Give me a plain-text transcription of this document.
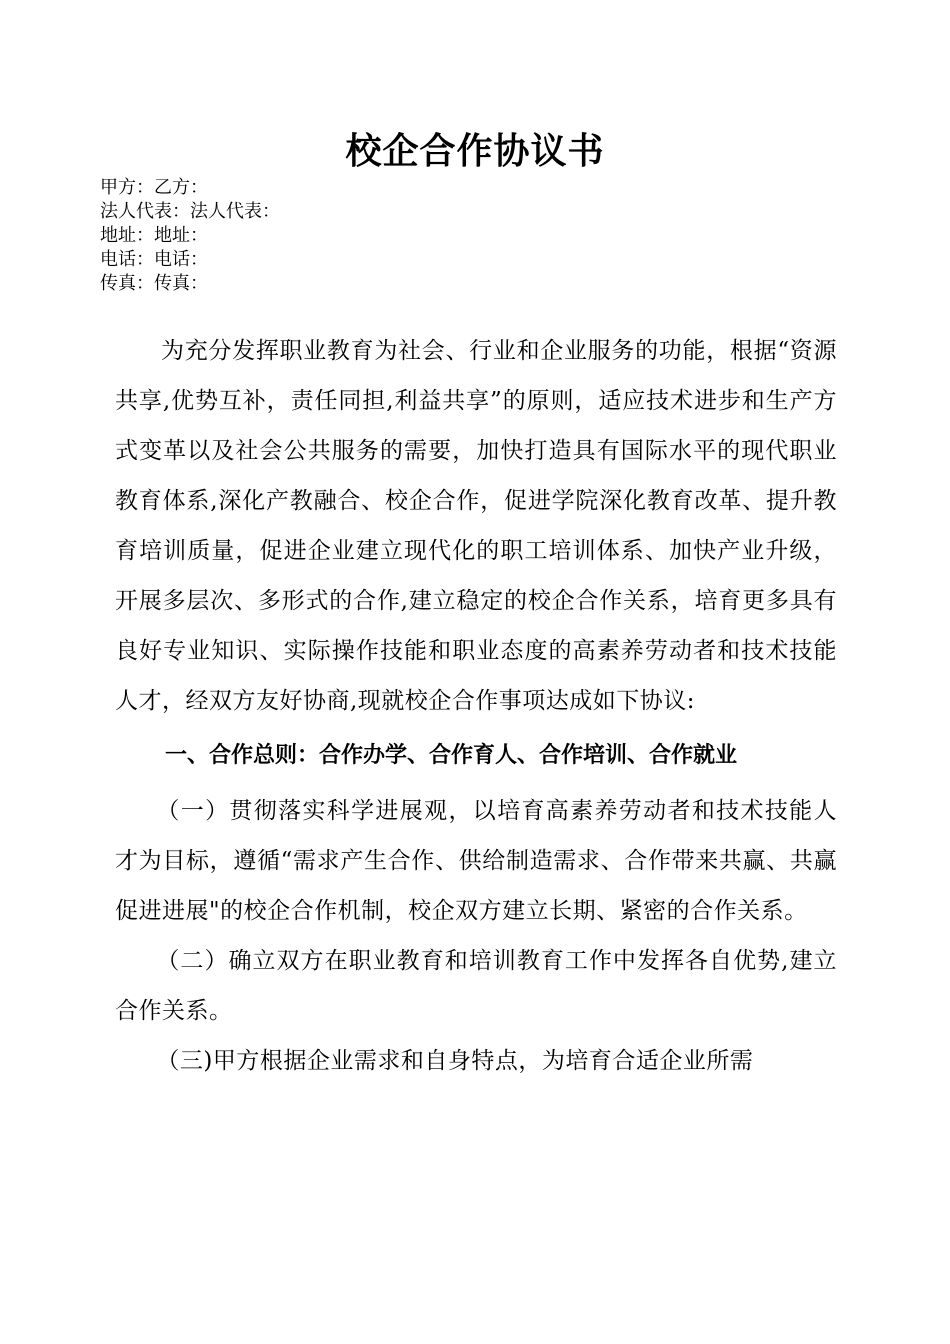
校企合作协议书
甲方：乙方：
法人代表：法人代表：
地址：地址：
电话：电话：
传真：传真：

为充分发挥职业教育为社会、行业和企业服务的功能，根据“资源共享,优势互补，责任同担,利益共享”的原则，适应技术进步和生产方式变革以及社会公共服务的需要，加快打造具有国际水平的现代职业教育体系,深化产教融合、校企合作，促进学院深化教育改革、提升教育培训质量，促进企业建立现代化的职工培训体系、加快产业升级，开展多层次、多形式的合作,建立稳定的校企合作关系，培育更多具有良好专业知识、实际操作技能和职业态度的高素养劳动者和技术技能人才，经双方友好协商,现就校企合作事项达成如下协议:

一、合作总则：合作办学、合作育人、合作培训、合作就业

（一）贯彻落实科学进展观，以培育高素养劳动者和技术技能人才为目标，遵循“需求产生合作、供给制造需求、合作带来共赢、共赢促进进展"的校企合作机制，校企双方建立长期、紧密的合作关系。

（二）确立双方在职业教育和培训教育工作中发挥各自优势,建立合作关系。

（三)甲方根据企业需求和自身特点，为培育合适企业所需
